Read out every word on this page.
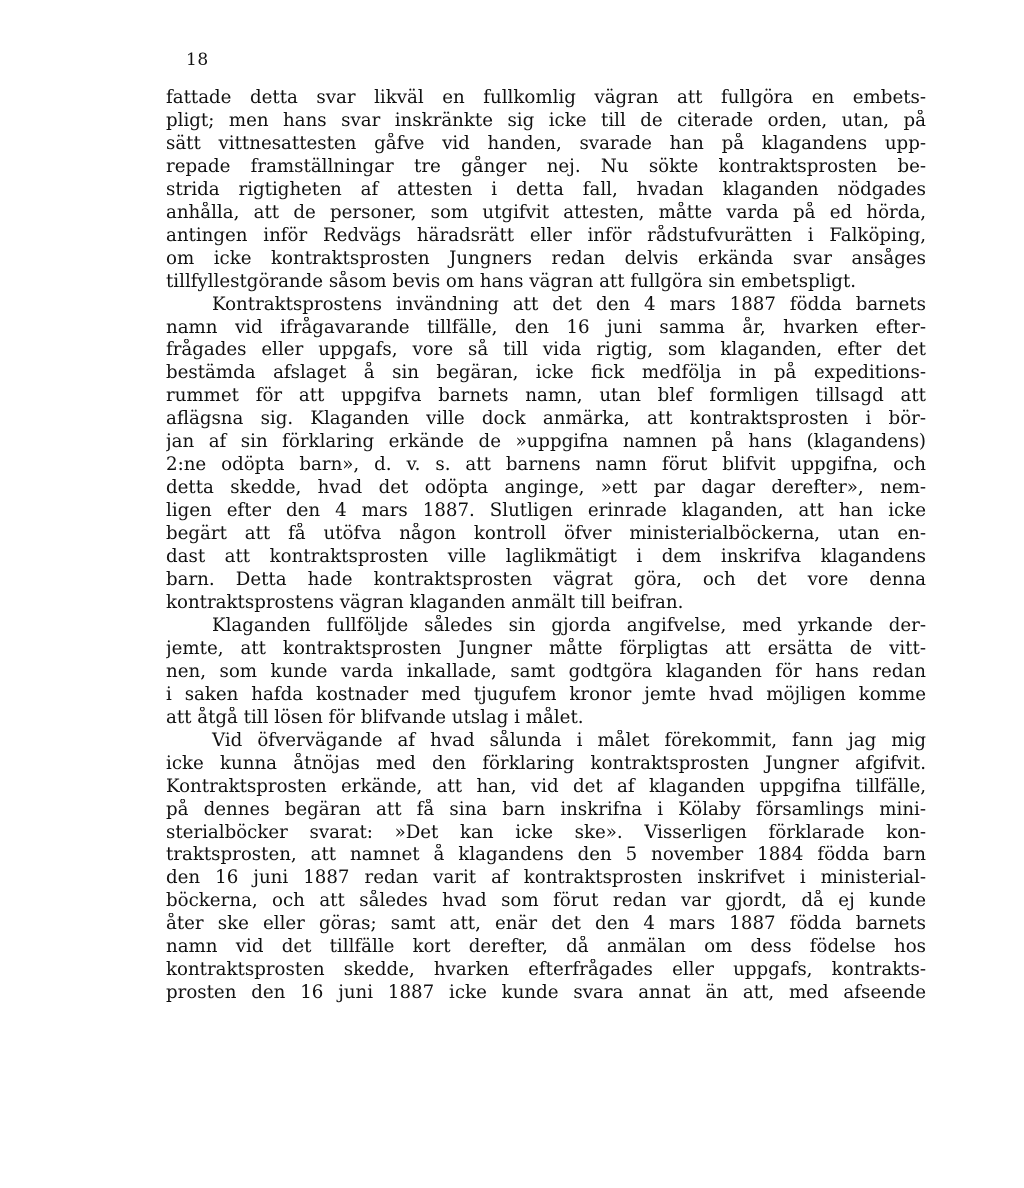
18
fattade detta svar likväl en fullkomlig vägran att fullgöra en embets-
pligt; men hans svar inskränkte sig icke till de citerade orden, utan, på
sätt vittnesattesten gåfve vid handen, svarade han på klagandens upp-
repade framställningar tre gånger nej. Nu sökte kontraktsprosten be-
strida rigtigheten af attesten i detta fall, hvadan klaganden nödgades
anhålla, att de personer, som utgifvit attesten, måtte varda på ed hörda,
antingen inför Redvägs häradsrätt eller inför rådstufvurätten i Falköping,
om icke kontraktsprosten Jungners redan delvis erkända svar ansåges
tillfyllestgörande såsom bevis om hans vägran att fullgöra sin embetspligt.
Kontraktsprostens invändning att det den 4 mars 1887 födda barnets
namn vid ifrågavarande tillfälle, den 16 juni samma år, hvarken efter-
frågades eller uppgafs, vore så till vida rigtig, som klaganden, efter det
bestämda afslaget å sin begäran, icke fick medfölja in på expeditions-
rummet för att uppgifva barnets namn, utan blef formligen tillsagd att
aflägsna sig. Klaganden ville dock anmärka, att kontraktsprosten i bör-
jan af sin förklaring erkände de »uppgifna namnen på hans (klagandens)
2:ne odöpta barn», d. v. s. att barnens namn förut blifvit uppgifna, och
detta skedde, hvad det odöpta anginge, »ett par dagar derefter», nem-
ligen efter den 4 mars 1887. Slutligen erinrade klaganden, att han icke
begärt att få utöfva någon kontroll öfver ministerialböckerna, utan en-
dast att kontraktsprosten ville laglikmätigt i dem inskrifva klagandens
barn. Detta hade kontraktsprosten vägrat göra, och det vore denna
kontraktsprostens vägran klaganden anmält till beifran.
Klaganden fullföljde således sin gjorda angifvelse, med yrkande der-
jemte, att kontraktsprosten Jungner måtte förpligtas att ersätta de vitt-
nen, som kunde varda inkallade, samt godtgöra klaganden för hans redan
i saken hafda kostnader med tjugufem kronor jemte hvad möjligen komme
att åtgå till lösen för blifvande utslag i målet.
Vid öfvervägande af hvad sålunda i målet förekommit, fann jag mig
icke kunna åtnöjas med den förklaring kontraktsprosten Jungner afgifvit.
Kontraktsprosten erkände, att han, vid det af klaganden uppgifna tillfälle,
på dennes begäran att få sina barn inskrifna i Kölaby församlings mini-
sterialböcker svarat: »Det kan icke ske». Visserligen förklarade kon-
traktsprosten, att namnet å klagandens den 5 november 1884 födda barn
den 16 juni 1887 redan varit af kontraktsprosten inskrifvet i ministerial-
böckerna, och att således hvad som förut redan var gjordt, då ej kunde
åter ske eller göras; samt att, enär det den 4 mars 1887 födda barnets
namn vid det tillfälle kort derefter, då anmälan om dess födelse hos
kontraktsprosten skedde, hvarken efterfrågades eller uppgafs, kontrakts-
prosten den 16 juni 1887 icke kunde svara annat än att, med afseende
